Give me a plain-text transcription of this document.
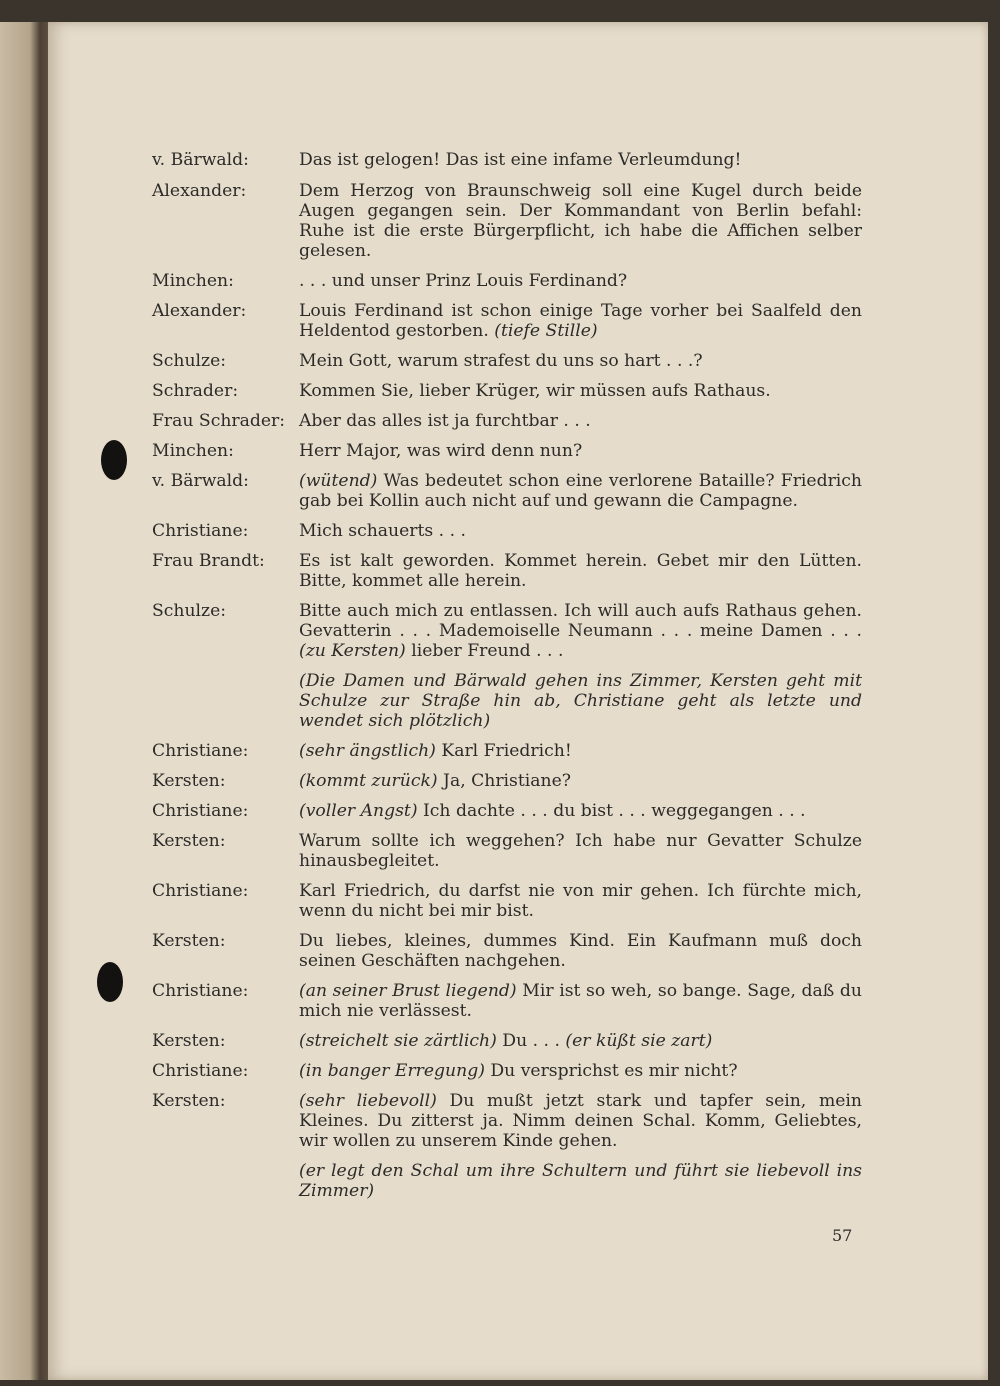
v. Bärwald:	Das ist gelogen! Das ist eine infame Verleumdung!
Alexander:	Dem Herzog von Braunschweig soll eine Kugel durch beide Augen gegangen sein. Der Kommandant von Berlin befahl: Ruhe ist die erste Bürgerpflicht, ich habe die Affichen selber gelesen.
Minchen:	. . . und unser Prinz Louis Ferdinand?
Alexander:	Louis Ferdinand ist schon einige Tage vorher bei Saalfeld den Heldentod gestorben. (tiefe Stille)
Schulze:	Mein Gott, warum strafest du uns so hart . . .?
Schrader:	Kommen Sie, lieber Krüger, wir müssen aufs Rathaus.
Frau Schrader: Aber das alles ist ja furchtbar . . .
Minchen:	Herr Major, was wird denn nun?
v. Bärwald:	(wütend) Was bedeutet schon eine verlorene Bataille? Friedrich gab bei Kollin auch nicht auf und gewann die Campagne.
Christiane:	Mich schauerts . . .
Frau Brandt:	Es ist kalt geworden. Kommet herein. Gebet mir den Lütten. Bitte, kommet alle herein.
Schulze:	Bitte auch mich zu entlassen. Ich will auch aufs Rathaus gehen. Gevatterin . . . Mademoiselle Neumann . . . meine Damen . . . (zu Kersten) lieber Freund . . .
(Die Damen und Bärwald gehen ins Zimmer, Kersten geht mit Schulze zur Straße hin ab, Christiane geht als letzte und wendet sich plötzlich)
Christiane:	(sehr ängstlich) Karl Friedrich!
Kersten:	(kommt zurück) Ja, Christiane?
Christiane:	(voller Angst) Ich dachte . . . du bist . . . weggegangen . . .
Kersten:	Warum sollte ich weggehen? Ich habe nur Gevatter Schulze hinausbegleitet.
Christiane:	Karl Friedrich, du darfst nie von mir gehen. Ich fürchte mich, wenn du nicht bei mir bist.
Kersten:	Du liebes, kleines, dummes Kind. Ein Kaufmann muß doch seinen Geschäften nachgehen.
Christiane:	(an seiner Brust liegend) Mir ist so weh, so bange. Sage, daß du mich nie verlässest.
Kersten:	(streichelt sie zärtlich) Du . . . (er küßt sie zart)
Christiane:	(in banger Erregung) Du versprichst es mir nicht?
Kersten:	(sehr liebevoll) Du mußt jetzt stark und tapfer sein, mein Kleines. Du zitterst ja. Nimm deinen Schal. Komm, Geliebtes, wir wollen zu unserem Kinde gehen.
(er legt den Schal um ihre Schultern und führt sie liebevoll ins Zimmer)
57
